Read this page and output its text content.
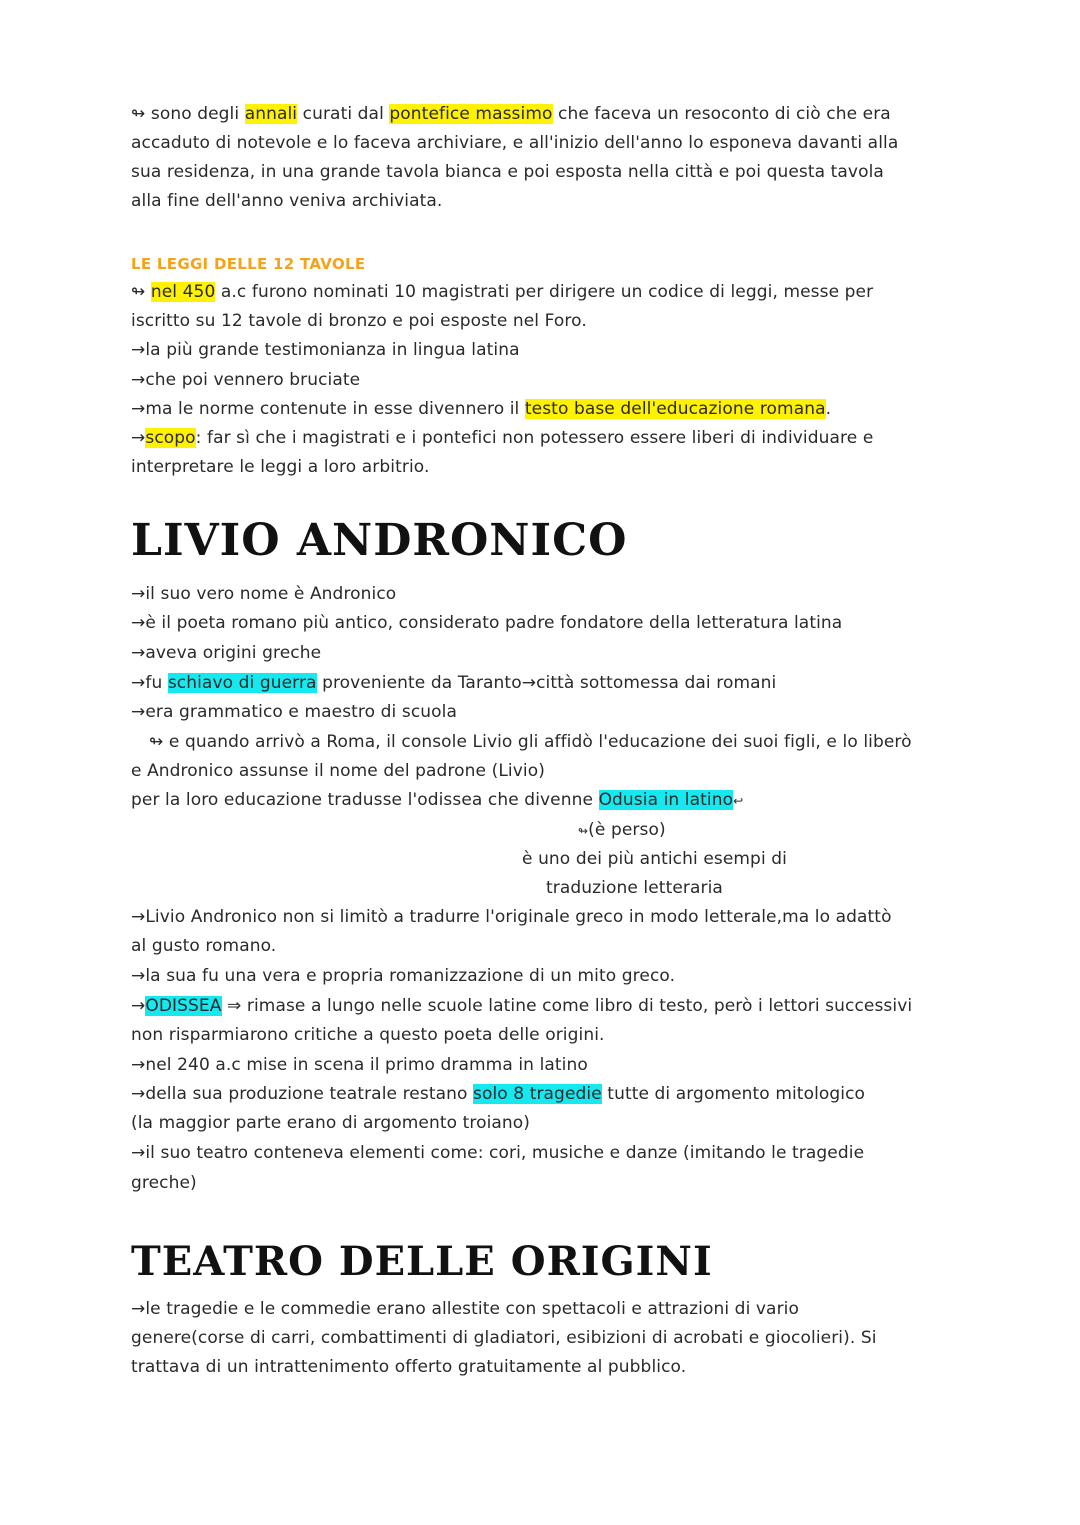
↬ sono degli annali curati dal pontefice massimo che faceva un resoconto di ciò che era
accaduto di notevole e lo faceva archiviare, e all'inizio dell'anno lo esponeva davanti alla
sua residenza, in una grande tavola bianca e poi esposta nella città e poi questa tavola
alla fine dell'anno veniva archiviata.
LE LEGGI DELLE 12 TAVOLE
↬ nel 450 a.c furono nominati 10 magistrati per dirigere un codice di leggi, messe per
iscritto su 12 tavole di bronzo e poi esposte nel Foro.
→la più grande testimonianza in lingua latina
→che poi vennero bruciate
→ma le norme contenute in esse divennero il testo base dell'educazione romana.
→scopo: far sì che i magistrati e i pontefici non potessero essere liberi di individuare e
interpretare le leggi a loro arbitrio.
LIVIO ANDRONICO
→il suo vero nome è Andronico
→è il poeta romano più antico, considerato padre fondatore della letteratura latina
→aveva origini greche
→fu schiavo di guerra proveniente da Taranto→città sottomessa dai romani
→era grammatico e maestro di scuola
↬ e quando arrivò a Roma, il console Livio gli affidò l'educazione dei suoi figli, e lo liberò
e Andronico assunse il nome del padrone (Livio)
per la loro educazione tradusse l'odissea che divenne Odusia in latino↩
↬(è perso)
è uno dei più antichi esempi di
traduzione letteraria
→Livio Andronico non si limitò a tradurre l'originale greco in modo letterale,ma lo adattò
al gusto romano.
→la sua fu una vera e propria romanizzazione di un mito greco.
→ODISSEA ⇒ rimase a lungo nelle scuole latine come libro di testo, però i lettori successivi
non risparmiarono critiche a questo poeta delle origini.
→nel 240 a.c mise in scena il primo dramma in latino
→della sua produzione teatrale restano solo 8 tragedie tutte di argomento mitologico
(la maggior parte erano di argomento troiano)
→il suo teatro conteneva elementi come: cori, musiche e danze (imitando le tragedie
greche)
TEATRO DELLE ORIGINI
→le tragedie e le commedie erano allestite con spettacoli e attrazioni di vario
genere(corse di carri, combattimenti di gladiatori, esibizioni di acrobati e giocolieri). Si
trattava di un intrattenimento offerto gratuitamente al pubblico.
